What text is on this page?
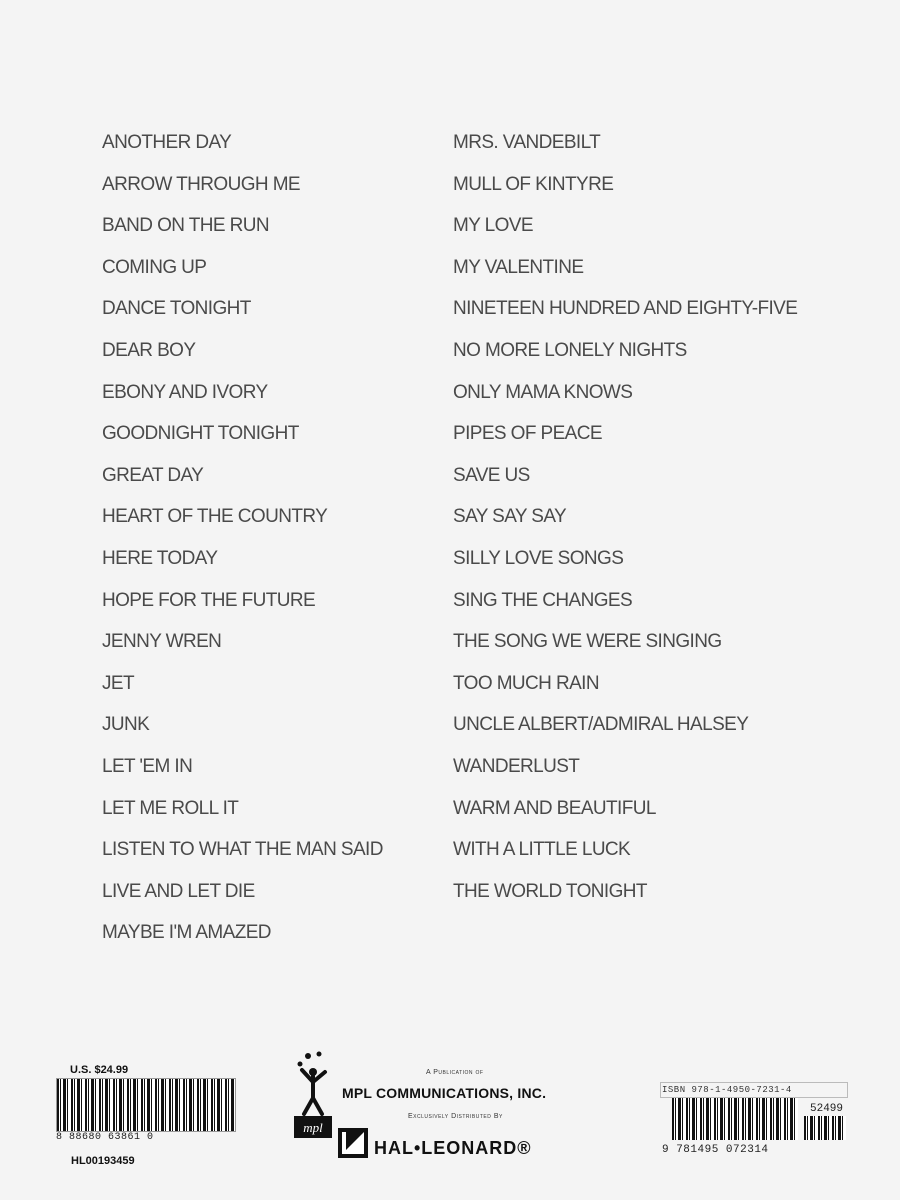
ANOTHER DAY
ARROW THROUGH ME
BAND ON THE RUN
COMING UP
DANCE TONIGHT
DEAR BOY
EBONY AND IVORY
GOODNIGHT TONIGHT
GREAT DAY
HEART OF THE COUNTRY
HERE TODAY
HOPE FOR THE FUTURE
JENNY WREN
JET
JUNK
LET 'EM IN
LET ME ROLL IT
LISTEN TO WHAT THE MAN SAID
LIVE AND LET DIE
MAYBE I'M AMAZED
MRS. VANDEBILT
MULL OF KINTYRE
MY LOVE
MY VALENTINE
NINETEEN HUNDRED AND EIGHTY-FIVE
NO MORE LONELY NIGHTS
ONLY MAMA KNOWS
PIPES OF PEACE
SAVE US
SAY SAY SAY
SILLY LOVE SONGS
SING THE CHANGES
THE SONG WE WERE SINGING
TOO MUCH RAIN
UNCLE ALBERT/ADMIRAL HALSEY
WANDERLUST
WARM AND BEAUTIFUL
WITH A LITTLE LUCK
THE WORLD TONIGHT
U.S. $24.99
8 88680 63861 0
HL00193459
mpl
A Publication of
MPL COMMUNICATIONS, INC.
Exclusively Distributed By
HAL•LEONARD®
ISBN 978-1-4950-7231-4
52499
9 781495 072314
